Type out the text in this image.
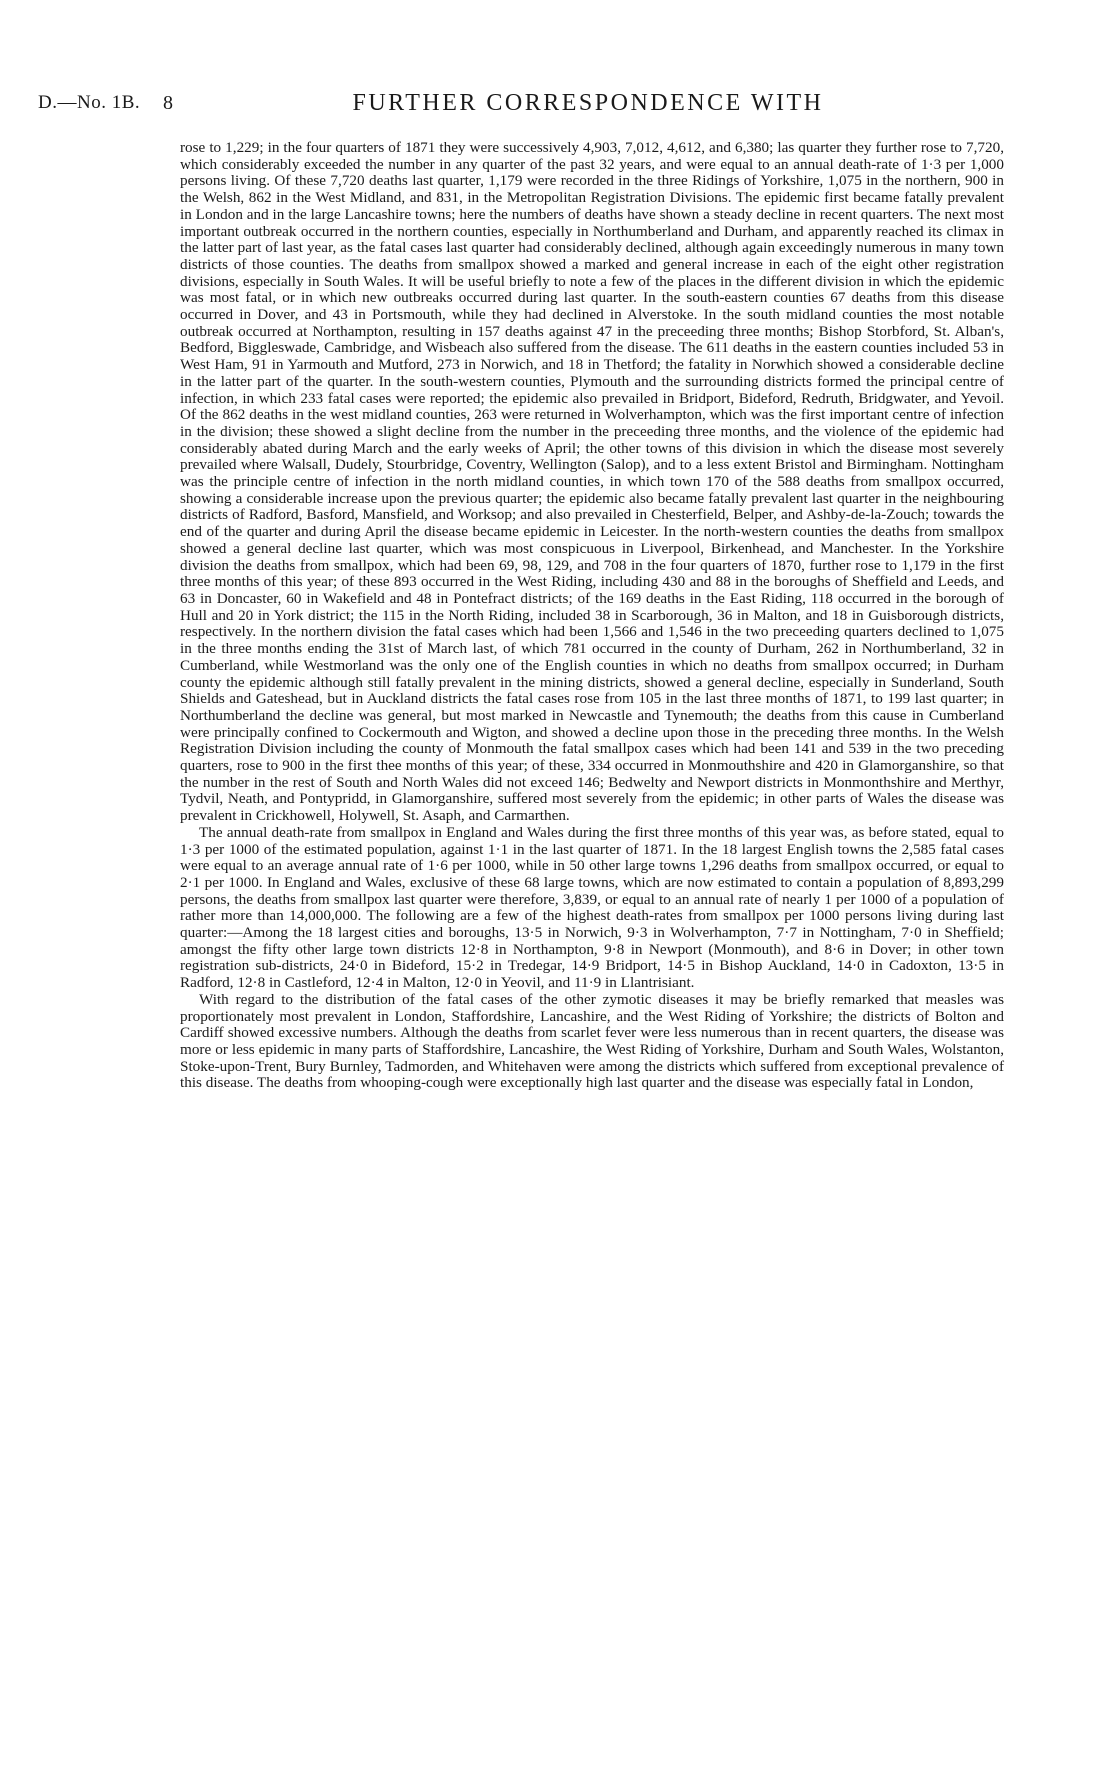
D.—No. 1B. 8	FURTHER CORRESPONDENCE WITH

rose to 1,229; in the four quarters of 1871 they were successively 4,903, 7,012, 4,612, and 6,380; las quarter they further rose to 7,720, which considerably exceeded the number in any quarter of the past 32 years, and were equal to an annual death-rate of 1·3 per 1,000 persons living. Of these 7,720 deaths last quarter, 1,179 were recorded in the three Ridings of Yorkshire, 1,075 in the northern, 900 in the Welsh, 862 in the West Midland, and 831, in the Metropolitan Registration Divisions. The epidemic first became fatally prevalent in London and in the large Lancashire towns; here the numbers of deaths have shown a steady decline in recent quarters. The next most important outbreak occurred in the northern counties, especially in Northumberland and Durham, and apparently reached its climax in the latter part of last year, as the fatal cases last quarter had considerably declined, although again exceedingly numerous in many town districts of those counties. The deaths from smallpox showed a marked and general increase in each of the eight other registration divisions, especially in South Wales. It will be useful briefly to note a few of the places in the different division in which the epidemic was most fatal, or in which new outbreaks occurred during last quarter. In the south-eastern counties 67 deaths from this disease occurred in Dover, and 43 in Portsmouth, while they had declined in Alverstoke. In the south midland counties the most notable outbreak occurred at Northampton, resulting in 157 deaths against 47 in the preceeding three months; Bishop Storbford, St. Alban's, Bedford, Biggleswade, Cambridge, and Wisbeach also suffered from the disease. The 611 deaths in the eastern counties included 53 in West Ham, 91 in Yarmouth and Mutford, 273 in Norwich, and 18 in Thetford; the fatality in Norwhich showed a considerable decline in the latter part of the quarter. In the south-western counties, Plymouth and the surrounding districts formed the principal centre of infection, in which 233 fatal cases were reported; the epidemic also prevailed in Bridport, Bideford, Redruth, Bridgwater, and Yevoil. Of the 862 deaths in the west midland counties, 263 were returned in Wolverhampton, which was the first important centre of infection in the division; these showed a slight decline from the number in the preceeding three months, and the violence of the epidemic had considerably abated during March and the early weeks of April; the other towns of this division in which the disease most severely prevailed where Walsall, Dudely, Stourbridge, Coventry, Wellington (Salop), and to a less extent Bristol and Birmingham. Nottingham was the principle centre of infection in the north midland counties, in which town 170 of the 588 deaths from smallpox occurred, showing a considerable increase upon the previous quarter; the epidemic also became fatally prevalent last quarter in the neighbouring districts of Radford, Basford, Mansfield, and Worksop; and also prevailed in Chesterfield, Belper, and Ashby-de-la-Zouch; towards the end of the quarter and during April the disease became epidemic in Leicester. In the north-western counties the deaths from smallpox showed a general decline last quarter, which was most conspicuous in Liverpool, Birkenhead, and Manchester. In the Yorkshire division the deaths from smallpox, which had been 69, 98, 129, and 708 in the four quarters of 1870, further rose to 1,179 in the first three months of this year; of these 893 occurred in the West Riding, including 430 and 88 in the boroughs of Sheffield and Leeds, and 63 in Doncaster, 60 in Wakefield and 48 in Pontefract districts; of the 169 deaths in the East Riding, 118 occurred in the borough of Hull and 20 in York district; the 115 in the North Riding, included 38 in Scarborough, 36 in Malton, and 18 in Guisborough districts, respectively. In the northern division the fatal cases which had been 1,566 and 1,546 in the two preceeding quarters declined to 1,075 in the three months ending the 31st of March last, of which 781 occurred in the county of Durham, 262 in Northumberland, 32 in Cumberland, while Westmorland was the only one of the English counties in which no deaths from smallpox occurred; in Durham county the epidemic although still fatally prevalent in the mining districts, showed a general decline, especially in Sunderland, South Shields and Gateshead, but in Auckland districts the fatal cases rose from 105 in the last three months of 1871, to 199 last quarter; in Northumberland the decline was general, but most marked in Newcastle and Tynemouth; the deaths from this cause in Cumberland were principally confined to Cockermouth and Wigton, and showed a decline upon those in the preceding three months. In the Welsh Registration Division including the county of Monmouth the fatal smallpox cases which had been 141 and 539 in the two preceding quarters, rose to 900 in the first thee months of this year; of these, 334 occurred in Monmouthshire and 420 in Glamorganshire, so that the number in the rest of South and North Wales did not exceed 146; Bedwelty and Newport districts in Monmonthshire and Merthyr, Tydvil, Neath, and Pontypridd, in Glamorganshire, suffered most severely from the epidemic; in other parts of Wales the disease was prevalent in Crickhowell, Holywell, St. Asaph, and Carmarthen.

The annual death-rate from smallpox in England and Wales during the first three months of this year was, as before stated, equal to 1·3 per 1000 of the estimated population, against 1·1 in the last quarter of 1871. In the 18 largest English towns the 2,585 fatal cases were equal to an average annual rate of 1·6 per 1000, while in 50 other large towns 1,296 deaths from smallpox occurred, or equal to 2·1 per 1000. In England and Wales, exclusive of these 68 large towns, which are now estimated to contain a population of 8,893,299 persons, the deaths from smallpox last quarter were therefore, 3,839, or equal to an annual rate of nearly 1 per 1000 of a population of rather more than 14,000,000. The following are a few of the highest death-rates from smallpox per 1000 persons living during last quarter:—Among the 18 largest cities and boroughs, 13·5 in Norwich, 9·3 in Wolverhampton, 7·7 in Nottingham, 7·0 in Sheffield; amongst the fifty other large town districts 12·8 in Northampton, 9·8 in Newport (Monmouth), and 8·6 in Dover; in other town registration sub-districts, 24·0 in Bideford, 15·2 in Tredegar, 14·9 Bridport, 14·5 in Bishop Auckland, 14·0 in Cadoxton, 13·5 in Radford, 12·8 in Castleford, 12·4 in Malton, 12·0 in Yeovil, and 11·9 in Llantrisiant.

With regard to the distribution of the fatal cases of the other zymotic diseases it may be briefly remarked that measles was proportionately most prevalent in London, Staffordshire, Lancashire, and the West Riding of Yorkshire; the districts of Bolton and Cardiff showed excessive numbers. Although the deaths from scarlet fever were less numerous than in recent quarters, the disease was more or less epidemic in many parts of Staffordshire, Lancashire, the West Riding of Yorkshire, Durham and South Wales, Wolstanton, Stoke-upon-Trent, Bury Burnley, Tadmorden, and Whitehaven were among the districts which suffered from exceptional prevalence of this disease. The deaths from whooping-cough were exceptionally high last quarter and the disease was especially fatal in London,
